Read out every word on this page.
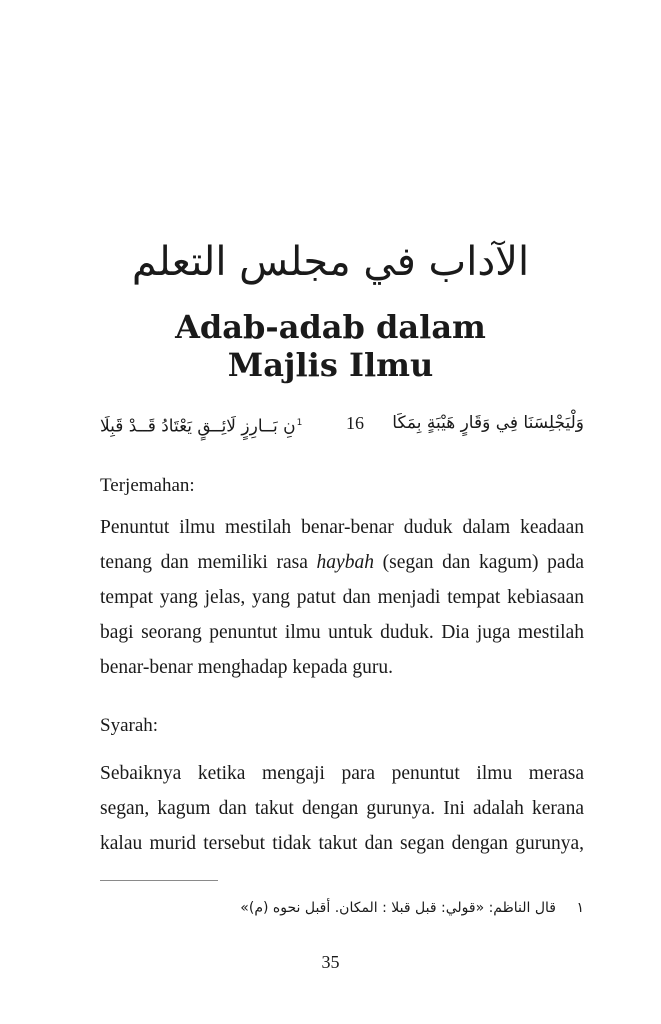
الآداب في مجلس التعلم
Adab-adab dalam
Majlis Ilmu
وَلْيَجْلِسَنَا فِي وَقَارٍ هَيْبَةٍ بِمَكَا
16
$^1$نِ بَــارِزٍ لَائِــقٍ يَعْتَادُ قَــدْ قَبِلَا
Terjemahan:
Penuntut ilmu mestilah benar-benar duduk dalam keadaan
tenang dan memiliki rasa haybah (segan dan kagum) pada
tempat yang jelas, yang patut dan menjadi tempat kebiasaan
bagi seorang penuntut ilmu untuk duduk. Dia juga mestilah
benar-benar menghadap kepada guru.
Syarah:
Sebaiknya ketika mengaji para penuntut ilmu merasa
segan, kagum dan takut dengan gurunya. Ini adalah kerana
kalau murid tersebut tidak takut dan segan dengan gurunya,
١قال الناظم: «قولي: قبل قبلا : المكان. أقبل نحوه (م)»
35
